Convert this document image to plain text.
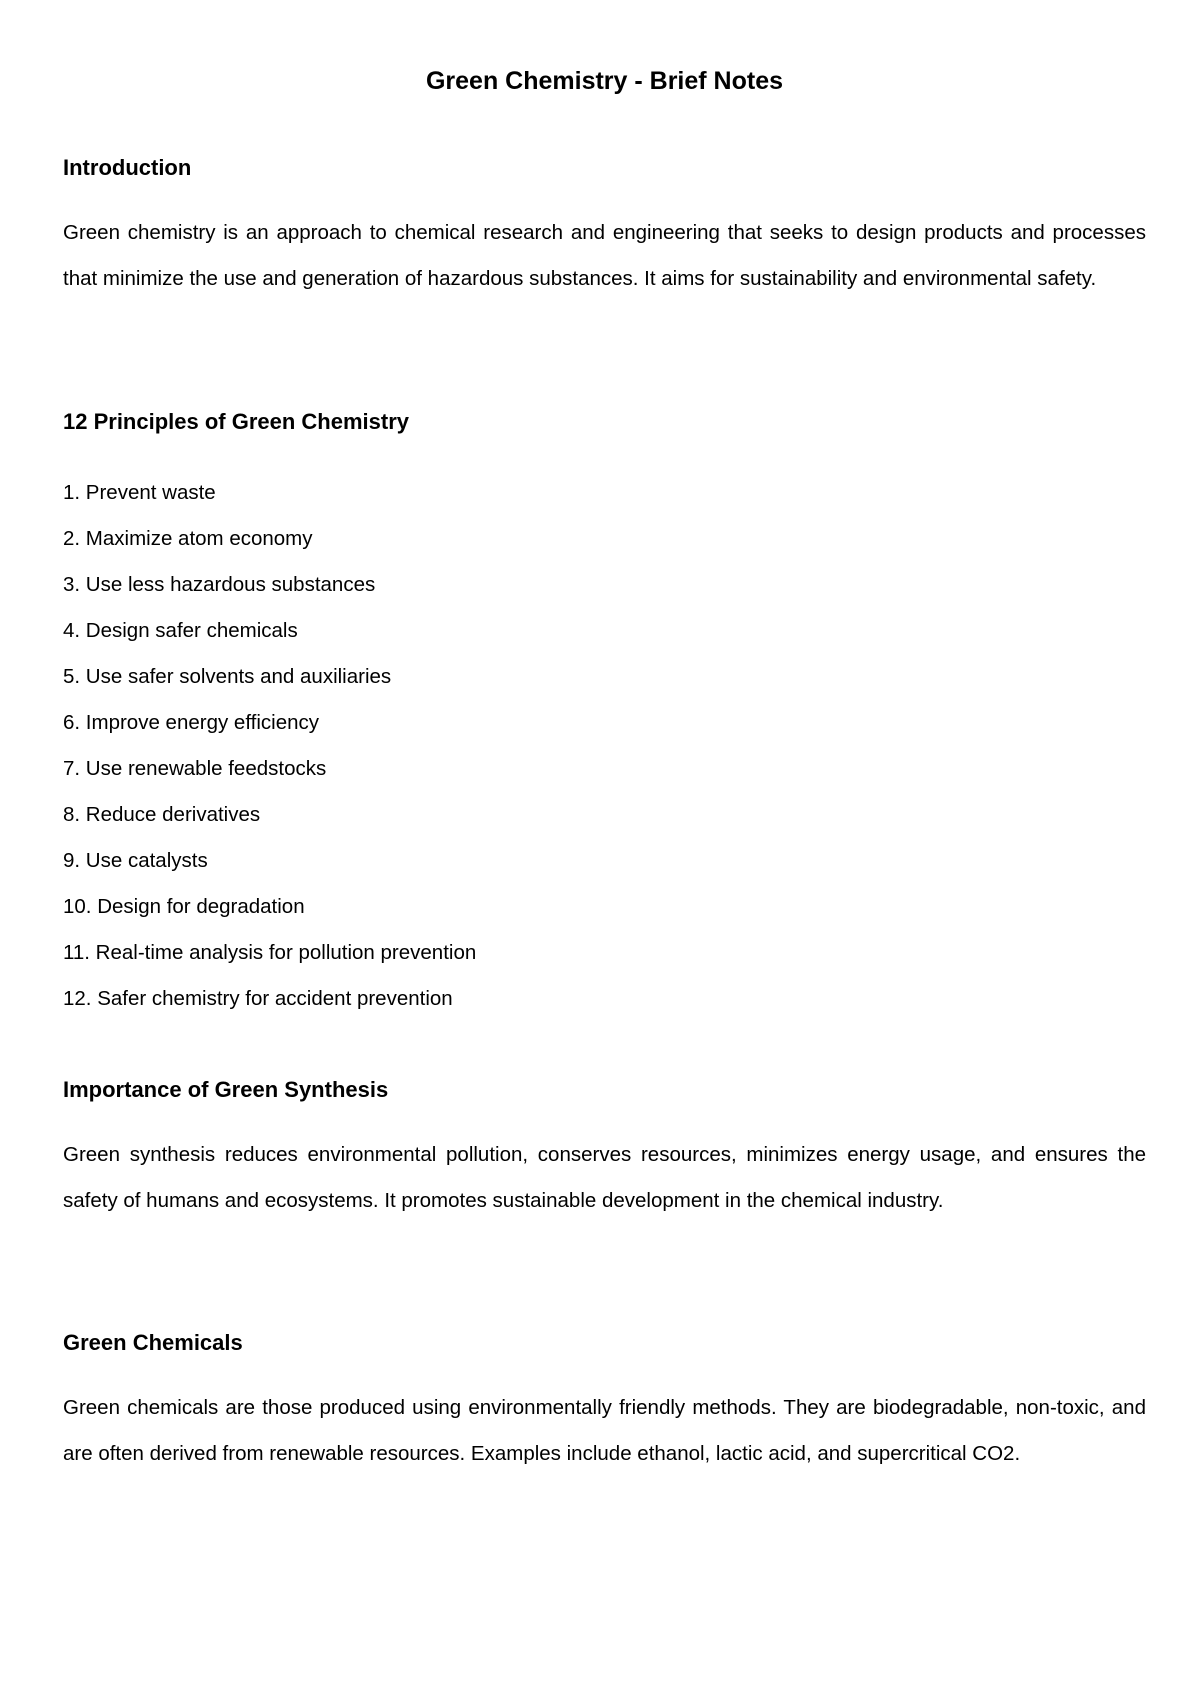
Green Chemistry - Brief Notes
Introduction

Green chemistry is an approach to chemical research and engineering that seeks to design products and processes that minimize the use and generation of hazardous substances. It aims for sustainability and environmental safety.

12 Principles of Green Chemistry
1. Prevent waste
2. Maximize atom economy
3. Use less hazardous substances
4. Design safer chemicals
5. Use safer solvents and auxiliaries
6. Improve energy efficiency
7. Use renewable feedstocks
8. Reduce derivatives
9. Use catalysts
10. Design for degradation
11. Real-time analysis for pollution prevention
12. Safer chemistry for accident prevention
Importance of Green Synthesis

Green synthesis reduces environmental pollution, conserves resources, minimizes energy usage, and ensures the safety of humans and ecosystems. It promotes sustainable development in the chemical industry.

Green Chemicals

Green chemicals are those produced using environmentally friendly methods. They are biodegradable, non-toxic, and are often derived from renewable resources. Examples include ethanol, lactic acid, and supercritical CO2.
